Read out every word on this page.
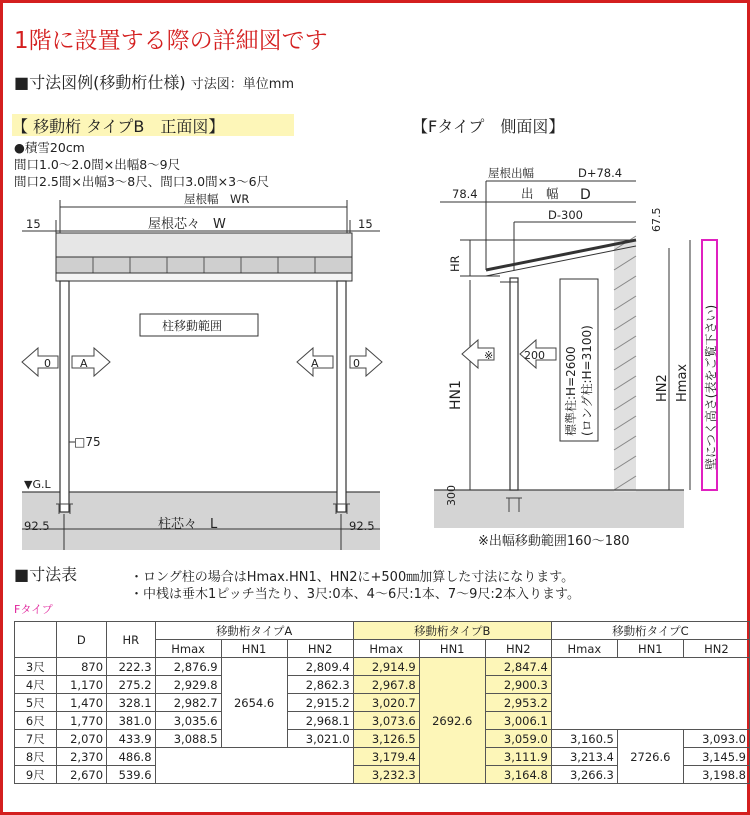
1階に設置する際の詳細図です
■寸法図例(移動桁仕様) 寸法図：単位mm
【 移動桁 タイプB　正面図】	【Fタイプ　側面図】
●積雪20cm
間口1.0〜2.0間×出幅8〜9尺
間口2.5間×出幅3〜8尺、間口3.0間×3〜6尺
屋根幅　WR
屋根芯々　W
15	15
柱移動範囲
0	A	A	0
□75
▼G.L
柱芯々　L
92.5	92.5
屋根出幅	D+78.4
78.4	出　幅 D
D-300	67.5
HR
HN1
300
HN2 Hmax 壁につく高さ(表をご覧下さい)
※	200 標準柱:H=2600 (ロング柱:H=3100)
※出幅移動範囲160〜180
■寸法表	・ロング柱の場合はHmax.HN1、HN2に+500㎜加算した寸法になります。
・中桟は垂木1ピッチ当たり、3尺:0本、4〜6尺:1本、7〜9尺:2本入ります。
Fタイプ
	D	HR	移動桁タイプA			移動桁タイプB			移動桁タイプC		
			Hmax	HN1	HN2	Hmax	HN1	HN2	Hmax	HN1	HN2
3尺	870	222.3	2,876.9	2654.6	2,809.4	2,914.9	2692.6	2,847.4			
4尺	1,170	275.2	2,929.8		2,862.3	2,967.8		2,900.3			
5尺	1,470	328.1	2,982.7		2,915.2	3,020.7		2,953.2			
6尺	1,770	381.0	3,035.6		2,968.1	3,073.6		3,006.1			
7尺	2,070	433.9	3,088.5		3,021.0	3,126.5		3,059.0	3,160.5	2726.6	3,093.0
8尺	2,370	486.8				3,179.4		3,111.9	3,213.4		3,145.9
9尺	2,670	539.6				3,232.3		3,164.8	3,266.3		3,198.8
